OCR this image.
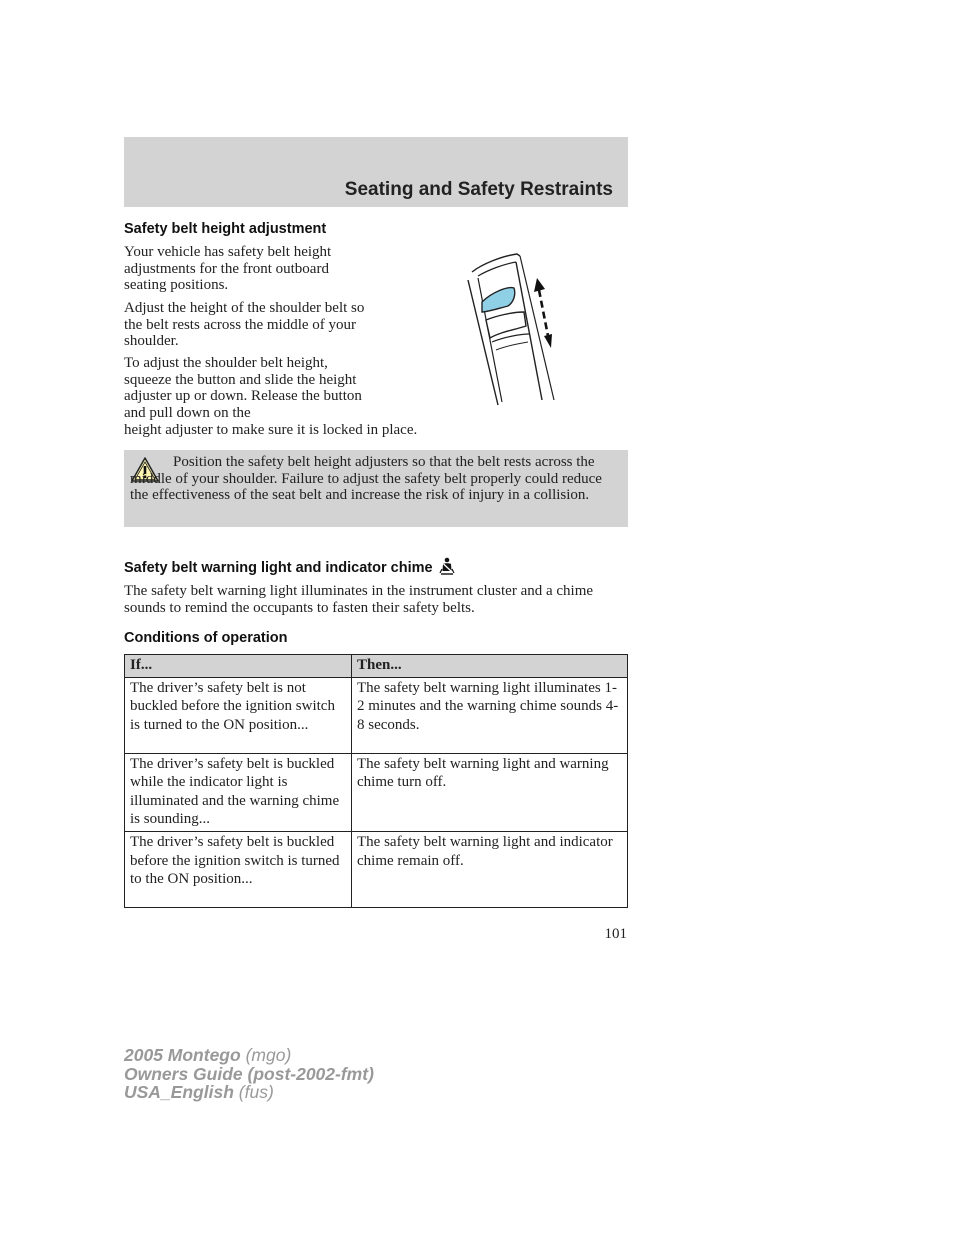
Seating and Safety Restraints
Safety belt height adjustment

Your vehicle has safety belt height adjustments for the front outboard seating positions.

Adjust the height of the shoulder belt so the belt rests across the middle of your shoulder.

To adjust the shoulder belt height, squeeze the button and slide the height adjuster up or down. Release the button and pull down on the

height adjuster to make sure it is locked in place.

Position the safety belt height adjusters so that the belt rests across the middle of your shoulder. Failure to adjust the safety belt properly could reduce the effectiveness of the seat belt and increase the risk of injury in a collision.

Safety belt warning light and indicator chime

The safety belt warning light illuminates in the instrument cluster and a chime sounds to remind the occupants to fasten their safety belts.

Conditions of operation
If...	Then...
The driver’s safety belt is not buckled before the ignition switch is turned to the ON position...	The safety belt warning light illuminates 1-2 minutes and the warning chime sounds 4-8 seconds.
The driver’s safety belt is buckled while the indicator light is illuminated and the warning chime is sounding...	The safety belt warning light and warning chime turn off.
The driver’s safety belt is buckled before the ignition switch is turned to the ON position...	The safety belt warning light and indicator chime remain off.

101

2005 Montego (mgo)
Owners Guide (post-2002-fmt)
USA_English (fus)
